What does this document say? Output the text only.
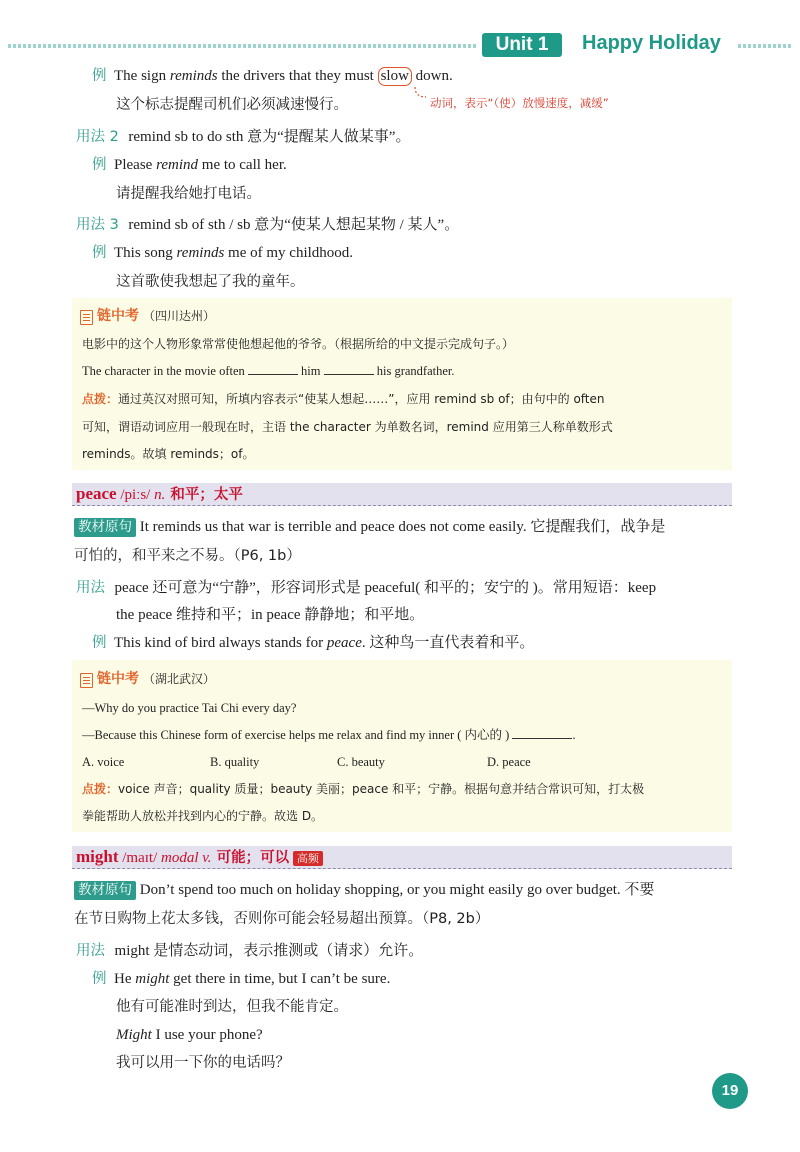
Unit 1	Happy Holiday
例 The sign reminds the drivers that they must slow down.
这个标志提醒司机们必须减速慢行。	动词，表示“（使）放慢速度，减缓”
用法 2 remind sb to do sth 意为“提醒某人做某事”。
例 Please remind me to call her.
请提醒我给她打电话。
用法 3 remind sb of sth / sb 意为“使某人想起某物 / 某人”。
例 This song reminds me of my childhood.
这首歌使我想起了我的童年。
链中考 （四川达州）
电影中的这个人物形象常常使他想起他的爷爷。（根据所给的中文提示完成句子。）
The character in the movie often	him	his grandfather.
点拨：通过英汉对照可知，所填内容表示“使某人想起……”，应用 remind sb of；由句中的 often
可知，谓语动词应用一般现在时，主语 the character 为单数名词，remind 应用第三人称单数形式
reminds。故填 reminds；of。
peace /piːs/ n. 和平；太平
教材原句 It reminds us that war is terrible and peace does not come easily. 它提醒我们，战争是
可怕的，和平来之不易。（P6, 1b）
用法 peace 还可意为“宁静”，形容词形式是 peaceful( 和平的；安宁的 )。常用短语：keep
the peace 维持和平；in peace 静静地；和平地。
例 This kind of bird always stands for peace. 这种鸟一直代表着和平。
链中考 （湖北武汉）
—Why do you practice Tai Chi every day?
—Because this Chinese form of exercise helps me relax and find my inner ( 内心的 )	.
A. voice	B. quality	C. beauty	D. peace
点拨：voice 声音；quality 质量；beauty 美丽；peace 和平；宁静。根据句意并结合常识可知，打太极
拳能帮助人放松并找到内心的宁静。故选 D。
might /maɪt/ modal v. 可能；可以 高频
教材原句 Don’t spend too much on holiday shopping, or you might easily go over budget. 不要
在节日购物上花太多钱，否则你可能会轻易超出预算。（P8, 2b）
用法 might 是情态动词，表示推测或（请求）允许。
例 He might get there in time, but I can’t be sure.
他有可能准时到达，但我不能肯定。
Might I use your phone?
我可以用一下你的电话吗？
19
